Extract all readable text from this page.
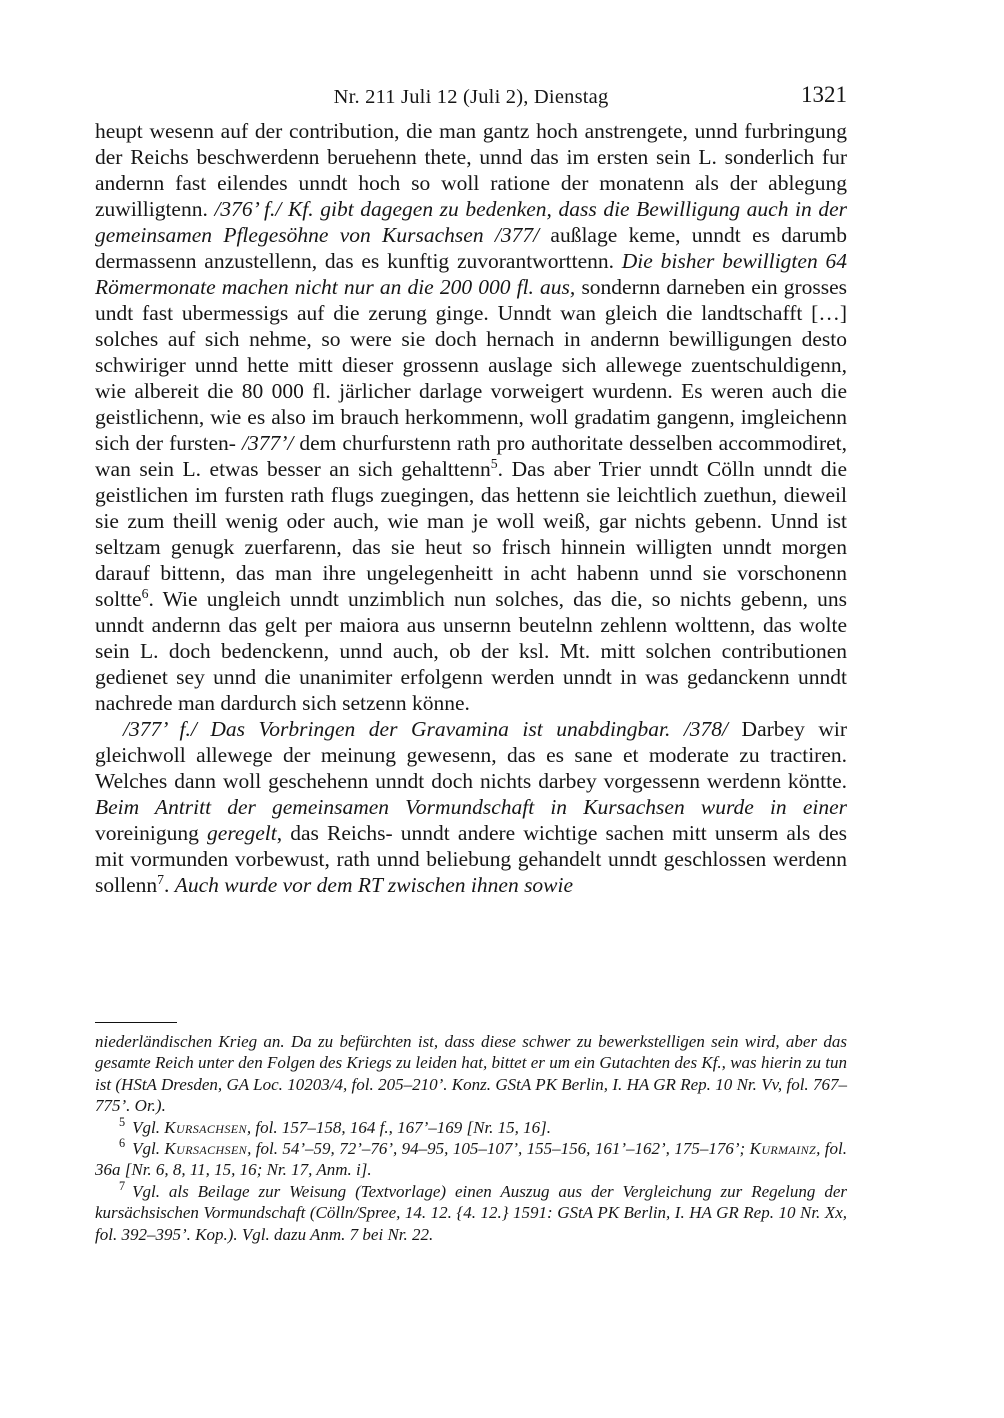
Nr. 211 Juli 12 (Juli 2), Dienstag	1321

heupt wesenn auf der contribution, die man gantz hoch anstrengete, unnd furbringung der Reichs beschwerdenn beruehenn thete, unnd das im ersten sein L. sonderlich fur andernn fast eilendes unndt hoch so woll ratione der monatenn als der ablegung zuwilligtenn. /376’ f./ Kf. gibt dagegen zu bedenken, dass die Bewilligung auch in der gemeinsamen Pflegesöhne von Kursachsen /377/ außlage keme, unndt es darumb dermassenn anzustellenn, das es kunftig zuvorantworttenn. Die bisher bewilligten 64 Römermonate machen nicht nur an die 200 000 fl. aus, sondernn darneben ein grosses undt fast ubermessigs auf die zerung ginge. Unndt wan gleich die landtschafft […] solches auf sich nehme, so were sie doch hernach in andernn bewilligungen desto schwiriger unnd hette mitt dieser grossenn auslage sich allewege zuentschuldigenn, wie albereit die 80 000 fl. järlicher darlage vorweigert wurdenn. Es weren auch die geistlichenn, wie es also im brauch herkommenn, woll gradatim gangenn, imgleichenn sich der fursten- /377’/ dem churfurstenn rath pro authoritate desselben accommodiret, wan sein L. etwas besser an sich gehalttenn$^5$. Das aber Trier unndt Cölln unndt die geistlichen im fursten rath flugs zuegingen, das hettenn sie leichtlich zuethun, dieweil sie zum theill wenig oder auch, wie man je woll weiß, gar nichts gebenn. Unnd ist seltzam genugk zuerfarenn, das sie heut so frisch hinnein willigten unndt morgen darauf bittenn, das man ihre ungelegenheitt in acht habenn unnd sie vorschonenn soltte$^6$. Wie ungleich unndt unzimblich nun solches, das die, so nichts gebenn, uns unndt andernn das gelt per maiora aus unsernn beutelnn zehlenn wolttenn, das wolte sein L. doch bedenckenn, unnd auch, ob der ksl. Mt. mitt solchen contributionen gedienet sey unnd die unanimiter erfolgenn werden unndt in was gedanckenn unndt nachrede man dardurch sich setzenn könne.

/377’ f./ Das Vorbringen der Gravamina ist unabdingbar. /378/ Darbey wir gleichwoll allewege der meinung gewesenn, das es sane et moderate zu tractiren. Welches dann woll geschehenn unndt doch nichts darbey vorgessenn werdenn köntte. Beim Antritt der gemeinsamen Vormundschaft in Kursachsen wurde in einer voreinigung geregelt, das Reichs- unndt andere wichtige sachen mitt unserm als des mit vormunden vorbewust, rath unnd beliebung gehandelt unndt geschlossen werdenn sollenn$^7$. Auch wurde vor dem RT zwischen ihnen sowie

niederländischen Krieg an. Da zu befürchten ist, dass diese schwer zu bewerkstelligen sein wird, aber das gesamte Reich unter den Folgen des Kriegs zu leiden hat, bittet er um ein Gutachten des Kf., was hierin zu tun ist (HStA Dresden, GA Loc. 10203/4, fol. 205–210’. Konz. GStA PK Berlin, I. HA GR Rep. 10 Nr. Vv, fol. 767–775’. Or.).

$^5$ Vgl. Kursachsen, fol. 157–158, 164 f., 167’–169 [Nr. 15, 16].

$^6$ Vgl. Kursachsen, fol. 54’–59, 72’–76’, 94–95, 105–107’, 155–156, 161’–162’, 175–176’; Kurmainz, fol. 36a [Nr. 6, 8, 11, 15, 16; Nr. 17, Anm. i].

$^7$ Vgl. als Beilage zur Weisung (Textvorlage) einen Auszug aus der Vergleichung zur Regelung der kursächsischen Vormundschaft (Cölln/Spree, 14. 12. {4. 12.} 1591: GStA PK Berlin, I. HA GR Rep. 10 Nr. Xx, fol. 392–395’. Kop.). Vgl. dazu Anm. 7 bei Nr. 22.
